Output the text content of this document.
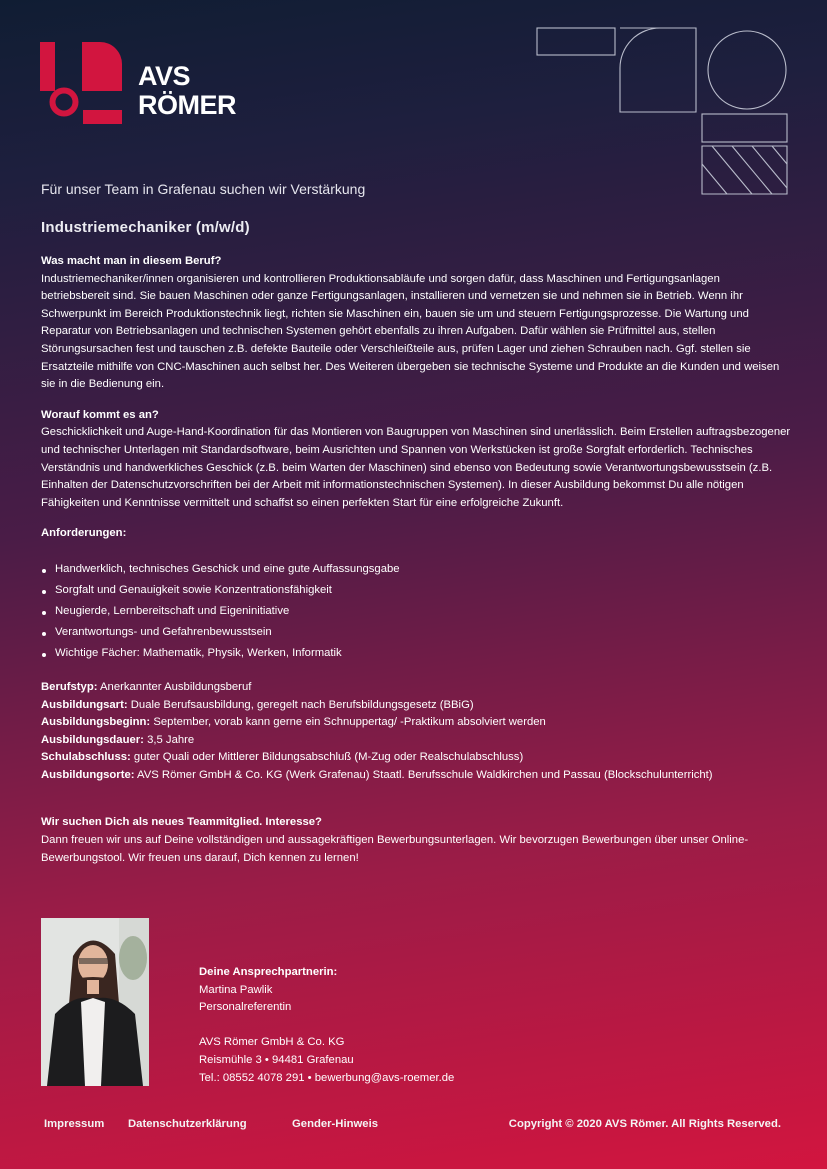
AVS
RÖMER
Für unser Team in Grafenau suchen wir Verstärkung
Industriemechaniker (m/w/d)

Was macht man in diesem Beruf?

Industriemechaniker/innen organisieren und kontrollieren Produktionsabläufe und sorgen dafür, dass Maschinen und Fertigungsanlagen betriebsbereit sind. Sie bauen Maschinen oder ganze Fertigungsanlagen, installieren und vernetzen sie und nehmen sie in Betrieb. Wenn ihr Schwerpunkt im Bereich Produktionstechnik liegt, richten sie Maschinen ein, bauen sie um und steuern Fertigungsprozesse. Die Wartung und Reparatur von Betriebsanlagen und technischen Systemen gehört ebenfalls zu ihren Aufgaben. Dafür wählen sie Prüfmittel aus, stellen Störungsursachen fest und tauschen z.B. defekte Bauteile oder Verschleißteile aus, prüfen Lager und ziehen Schrauben nach. Ggf. stellen sie Ersatzteile mithilfe von CNC-Maschinen auch selbst her. Des Weiteren übergeben sie technische Systeme und Produkte an die Kunden und weisen sie in die Bedienung ein.

Worauf kommt es an?

Geschicklichkeit und Auge-Hand-Koordination für das Montieren von Baugruppen von Maschinen sind unerlässlich. Beim Erstellen auftragsbezogener und technischer Unterlagen mit Standardsoftware, beim Ausrichten und Spannen von Werkstücken ist große Sorgfalt erforderlich. Technisches Verständnis und handwerkliches Geschick (z.B. beim Warten der Maschinen) sind ebenso von Bedeutung sowie Verantwortungsbewusstsein (z.B. Einhalten der Datenschutzvorschriften bei der Arbeit mit informationstechnischen Systemen). In dieser Ausbildung bekommst Du alle nötigen Fähigkeiten und Kenntnisse vermittelt und schaffst so einen perfekten Start für eine erfolgreiche Zukunft.

Anforderungen:

Handwerklich, technisches Geschick und eine gute Auffassungsgabe
Sorgfalt und Genauigkeit sowie Konzentrationsfähigkeit
Neugierde, Lernbereitschaft und Eigeninitiative
Verantwortungs- und Gefahrenbewusstsein
Wichtige Fächer: Mathematik, Physik, Werken, Informatik

Berufstyp: Anerkannter Ausbildungsberuf

Ausbildungsart: Duale Berufsausbildung, geregelt nach Berufsbildungsgesetz (BBiG)

Ausbildungsbeginn: September, vorab kann gerne ein Schnuppertag/ -Praktikum absolviert werden

Ausbildungsdauer: 3,5 Jahre

Schulabschluss: guter Quali oder Mittlerer Bildungsabschluß (M-Zug oder Realschulabschluss)

Ausbildungsorte: AVS Römer GmbH & Co. KG (Werk Grafenau) Staatl. Berufsschule Waldkirchen und Passau (Blockschulunterricht)

Wir suchen Dich als neues Teammitglied. Interesse?

Dann freuen wir uns auf Deine vollständigen und aussagekräftigen Bewerbungsunterlagen. Wir bevorzugen Bewerbungen über unser Online-Bewerbungstool. Wir freuen uns darauf, Dich kennen zu lernen!

Deine Ansprechpartnerin:
Martina Pawlik
Personalreferentin
AVS Römer GmbH & Co. KG
Reismühle 3 • 94481 Grafenau
Tel.: 08552 4078 291 • bewerbung@avs-roemer.de
Impressum Datenschutzerklärung	Gender-Hinweis	Copyright © 2020 AVS Römer. All Rights Reserved.
